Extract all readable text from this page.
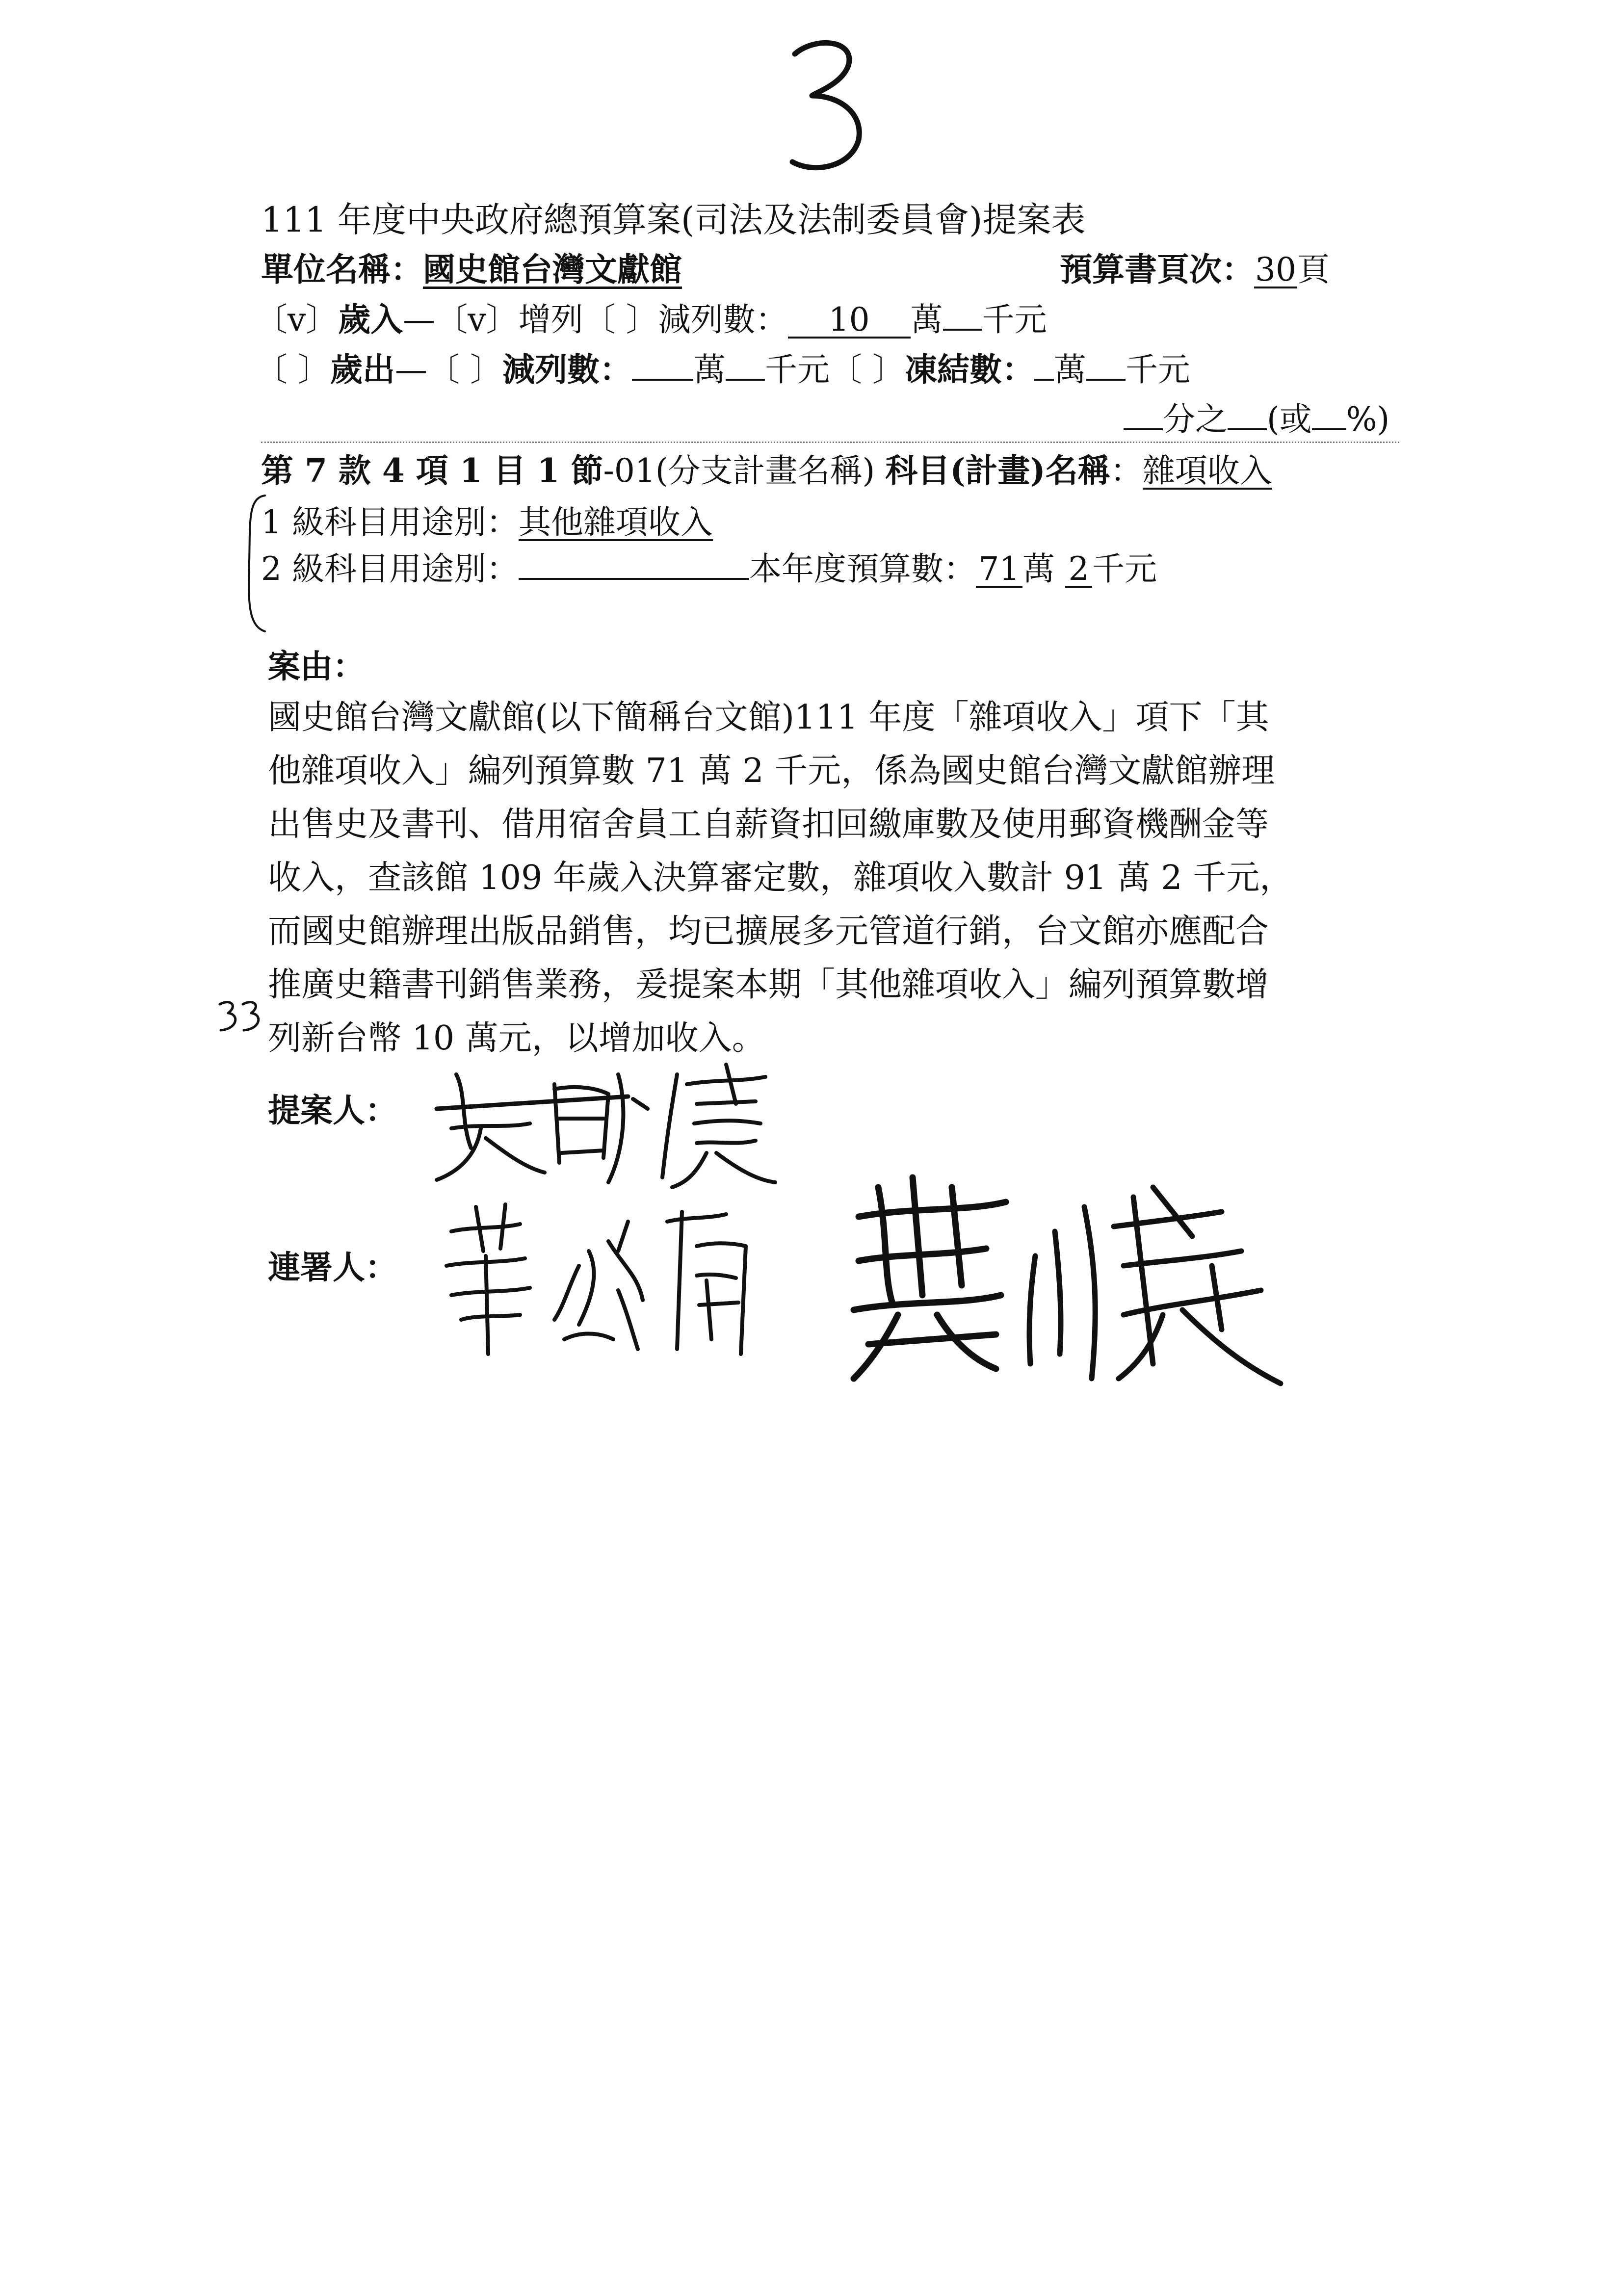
111 年度中央政府總預算案(司法及法制委員會)提案表
單位名稱：國史館台灣文獻館	預算書頁次：30頁
〔v〕歲入—〔v〕增列〔 〕減列數： 10 萬 千元
〔 〕歲出—〔 〕減列數： 萬 千元〔 〕凍結數： 萬 千元
分之 (或 %)
第 7 款 4 項 1 目 1 節-01(分支計畫名稱) 科目(計畫)名稱：雜項收入
1 級科目用途別：其他雜項收入
2 級科目用途別：	本年度預算數：71萬 2千元
案由：
國史館台灣文獻館(以下簡稱台文館)111 年度「雜項收入」項下「其
他雜項收入」編列預算數 71 萬 2 千元，係為國史館台灣文獻館辦理
出售史及書刊、借用宿舍員工自薪資扣回繳庫數及使用郵資機酬金等
收入，查該館 109 年歲入決算審定數，雜項收入數計 91 萬 2 千元，
而國史館辦理出版品銷售，均已擴展多元管道行銷，台文館亦應配合
推廣史籍書刊銷售業務，爰提案本期「其他雜項收入」編列預算數增
列新台幣 10 萬元，以增加收入。
提案人：
連署人：
